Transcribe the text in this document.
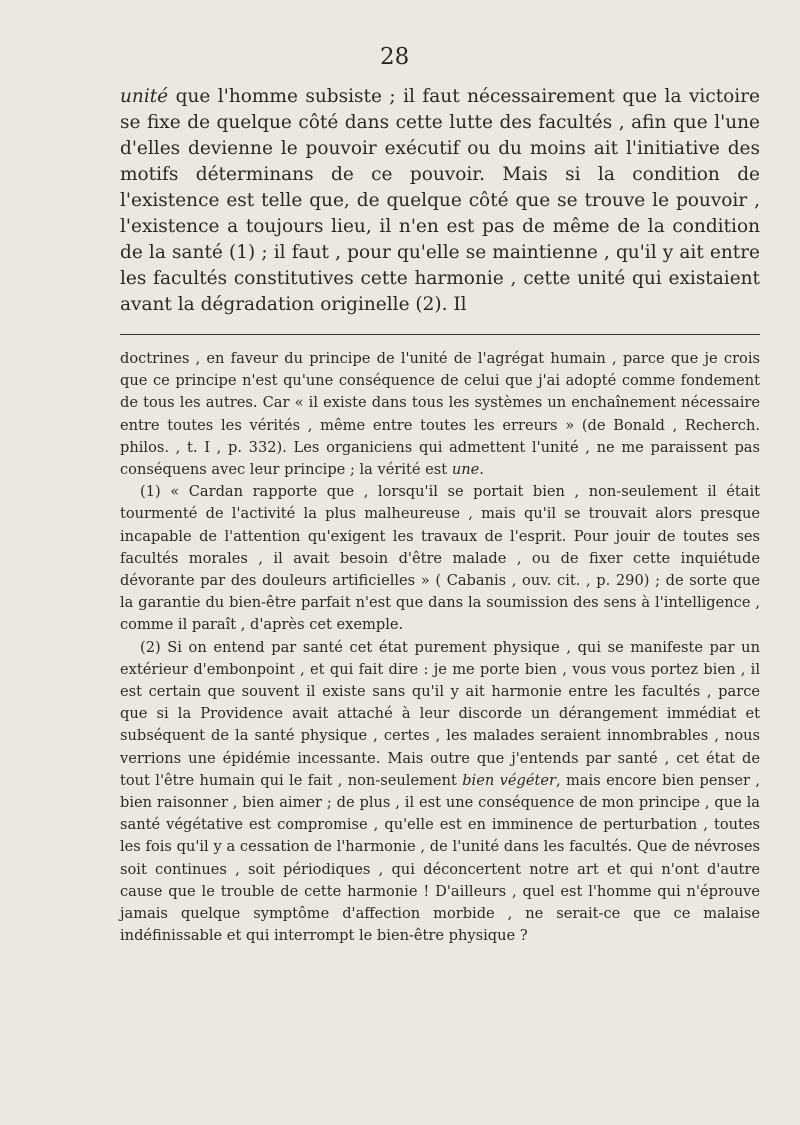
28

unité que l'homme subsiste ; il faut nécessairement que la victoire se fixe de quelque côté dans cette lutte des facultés , afin que l'une d'elles devienne le pouvoir exécutif ou du moins ait l'initiative des motifs déterminans de ce pouvoir. Mais si la condition de l'existence est telle que, de quelque côté que se trouve le pouvoir , l'existence a toujours lieu, il n'en est pas de même de la condition de la santé (1) ; il faut , pour qu'elle se maintienne , qu'il y ait entre les facultés constitutives cette harmonie , cette unité qui existaient avant la dégradation originelle (2). Il

doctrines , en faveur du principe de l'unité de l'agrégat humain , parce que je crois que ce principe n'est qu'une conséquence de celui que j'ai adopté comme fondement de tous les autres. Car « il existe dans tous les systèmes un enchaînement nécessaire entre toutes les vérités , même entre toutes les erreurs » (de Bonald , Recherch. philos. , t. I , p. 332). Les organiciens qui admettent l'unité , ne me paraissent pas conséquens avec leur principe ; la vérité est une.

(1) « Cardan rapporte que , lorsqu'il se portait bien , non-seulement il était tourmenté de l'activité la plus malheureuse , mais qu'il se trouvait alors presque incapable de l'attention qu'exigent les travaux de l'esprit. Pour jouir de toutes ses facultés morales , il avait besoin d'être malade , ou de fixer cette inquiétude dévorante par des douleurs artificielles » ( Cabanis , ouv. cit. , p. 290) ; de sorte que la garantie du bien-être parfait n'est que dans la soumission des sens à l'intelligence , comme il paraît , d'après cet exemple.

(2) Si on entend par santé cet état purement physique , qui se manifeste par un extérieur d'embonpoint , et qui fait dire : je me porte bien , vous vous portez bien , il est certain que souvent il existe sans qu'il y ait harmonie entre les facultés , parce que si la Providence avait attaché à leur discorde un dérangement immédiat et subséquent de la santé physique , certes , les malades seraient innombrables , nous verrions une épidémie incessante. Mais outre que j'entends par santé , cet état de tout l'être humain qui le fait , non-seulement bien végéter, mais encore bien penser , bien raisonner , bien aimer ; de plus , il est une conséquence de mon principe , que la santé végétative est compromise , qu'elle est en imminence de perturbation , toutes les fois qu'il y a cessation de l'harmonie , de l'unité dans les facultés. Que de névroses soit continues , soit périodiques , qui déconcertent notre art et qui n'ont d'autre cause que le trouble de cette harmonie ! D'ailleurs , quel est l'homme qui n'éprouve jamais quelque symptôme d'affection morbide , ne serait-ce que ce malaise indéfinissable et qui interrompt le bien-être physique ?
